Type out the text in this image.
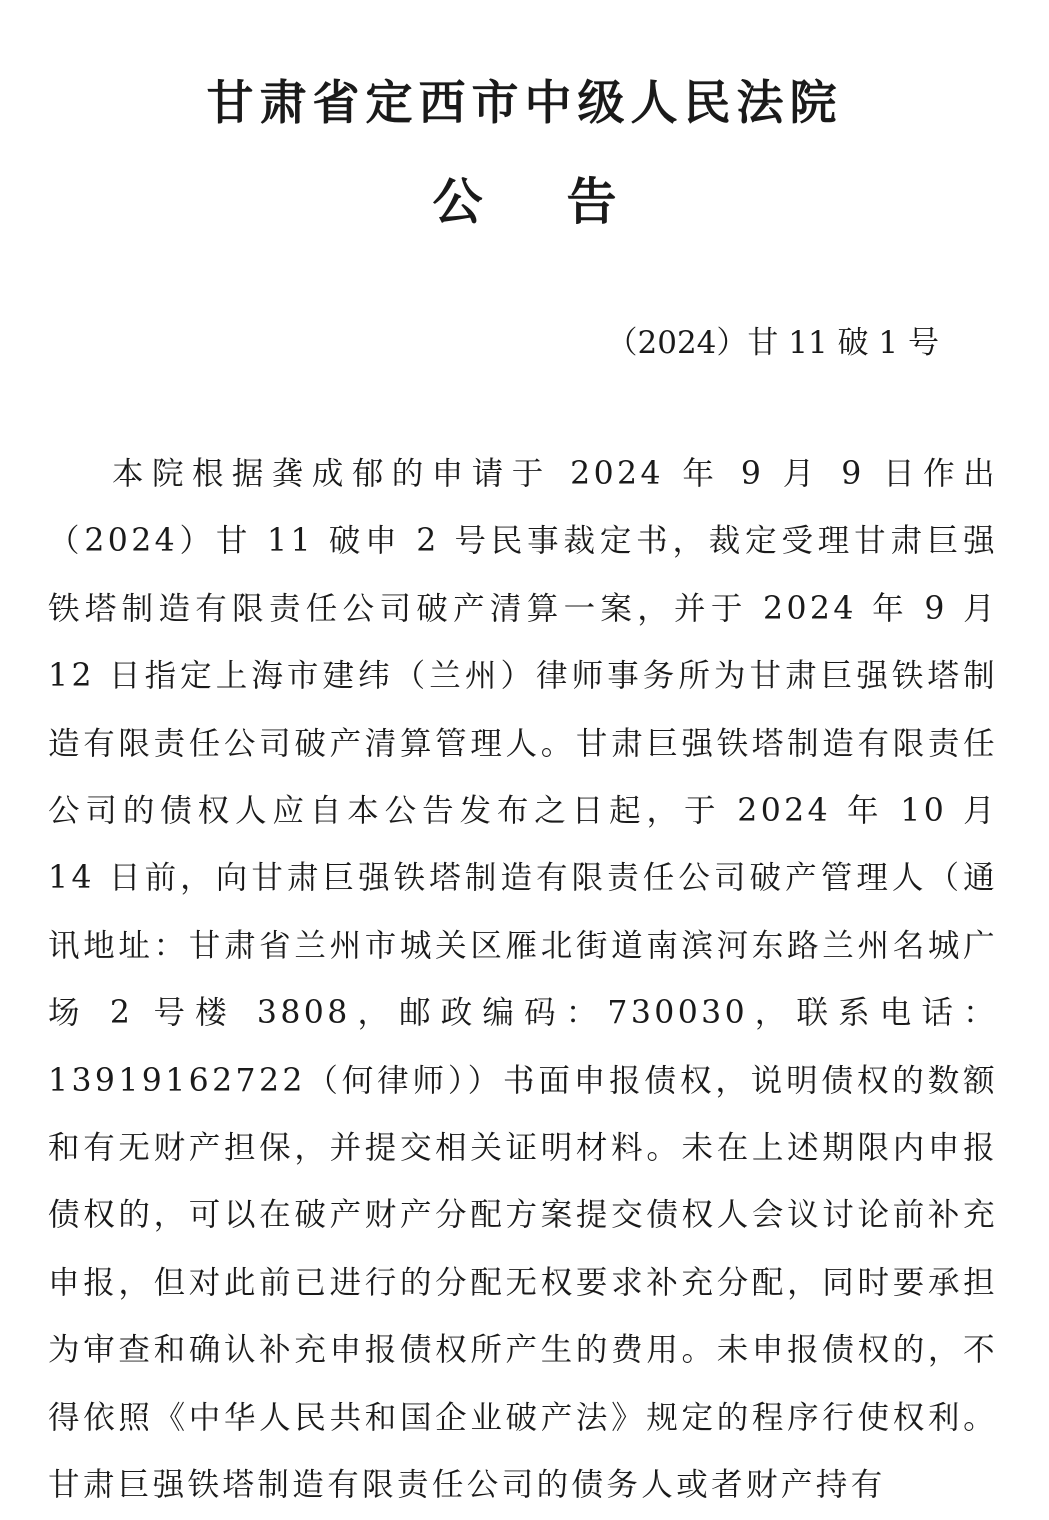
甘肃省定西市中级人民法院
公 告
（2024）甘 11 破 1 号

本院根据龚成郁的申请于 2024 年 9 月 9 日作出（2024）甘 11 破申 2 号民事裁定书，裁定受理甘肃巨强铁塔制造有限责任公司破产清算一案，并于 2024 年 9 月 12 日指定上海市建纬（兰州）律师事务所为甘肃巨强铁塔制造有限责任公司破产清算管理人。甘肃巨强铁塔制造有限责任公司的债权人应自本公告发布之日起，于 2024 年 10 月 14 日前，向甘肃巨强铁塔制造有限责任公司破产管理人（通讯地址：甘肃省兰州市城关区雁北街道南滨河东路兰州名城广场 2 号楼 3808，邮政编码：730030，联系电话：13919162722（何律师））书面申报债权，说明债权的数额和有无财产担保，并提交相关证明材料。未在上述期限内申报债权的，可以在破产财产分配方案提交债权人会议讨论前补充申报，但对此前已进行的分配无权要求补充分配，同时要承担为审查和确认补充申报债权所产生的费用。未申报债权的，不得依照《中华人民共和国企业破产法》规定的程序行使权利。甘肃巨强铁塔制造有限责任公司的债务人或者财产持有
